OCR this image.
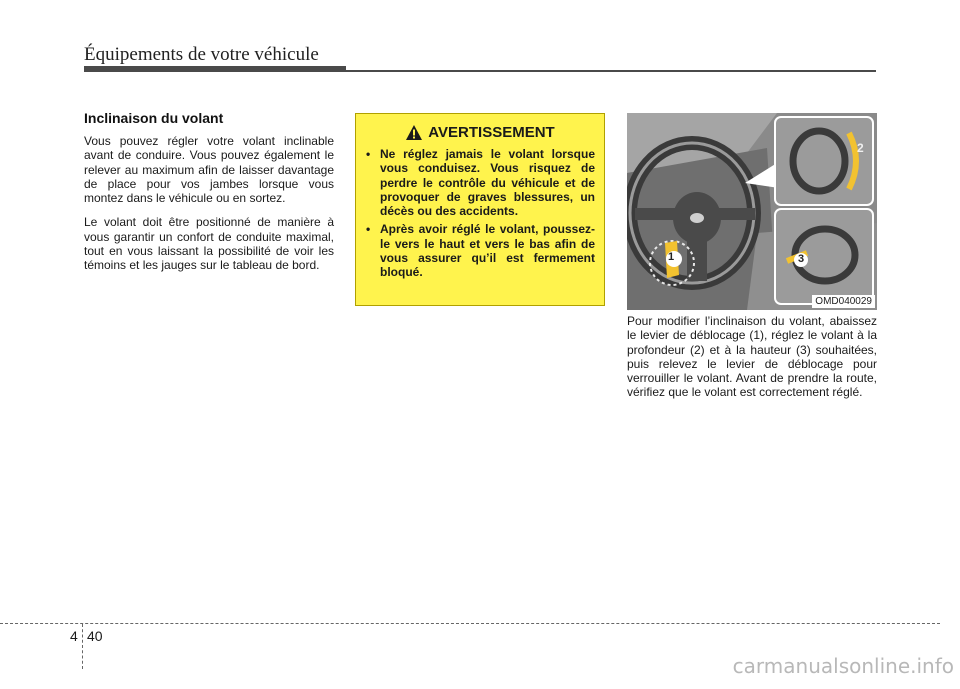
Équipements de votre véhicule
Inclinaison du volant

Vous pouvez régler votre volant inclinable avant de conduire. Vous pouvez également le relever au maximum afin de laisser davantage de place pour vos jambes lorsque vous montez dans le véhicule ou en sortez.

Le volant doit être positionné de manière à vous garantir un confort de conduite maximal, tout en vous laissant la possibilité de voir les témoins et les jauges sur le tableau de bord.

AVERTISSEMENT
• Ne réglez jamais le volant lorsque vous conduisez. Vous risquez de perdre le contrôle du véhicule et de provoquer de graves blessures, un décès ou des accidents.
• Après avoir réglé le volant, poussez-le vers le haut et vers le bas afin de vous assurer qu’il est fermement bloqué.
1
2
3
OMD040029

Pour modifier l’inclinaison du volant, abaissez le levier de déblocage (1), réglez le volant à la profondeur (2) et à la hauteur (3) souhaitées, puis relevez le levier de déblocage pour verrouiller le volant. Avant de prendre la route, vérifiez que le volant est correctement réglé.

4 40
carmanualsonline.info
